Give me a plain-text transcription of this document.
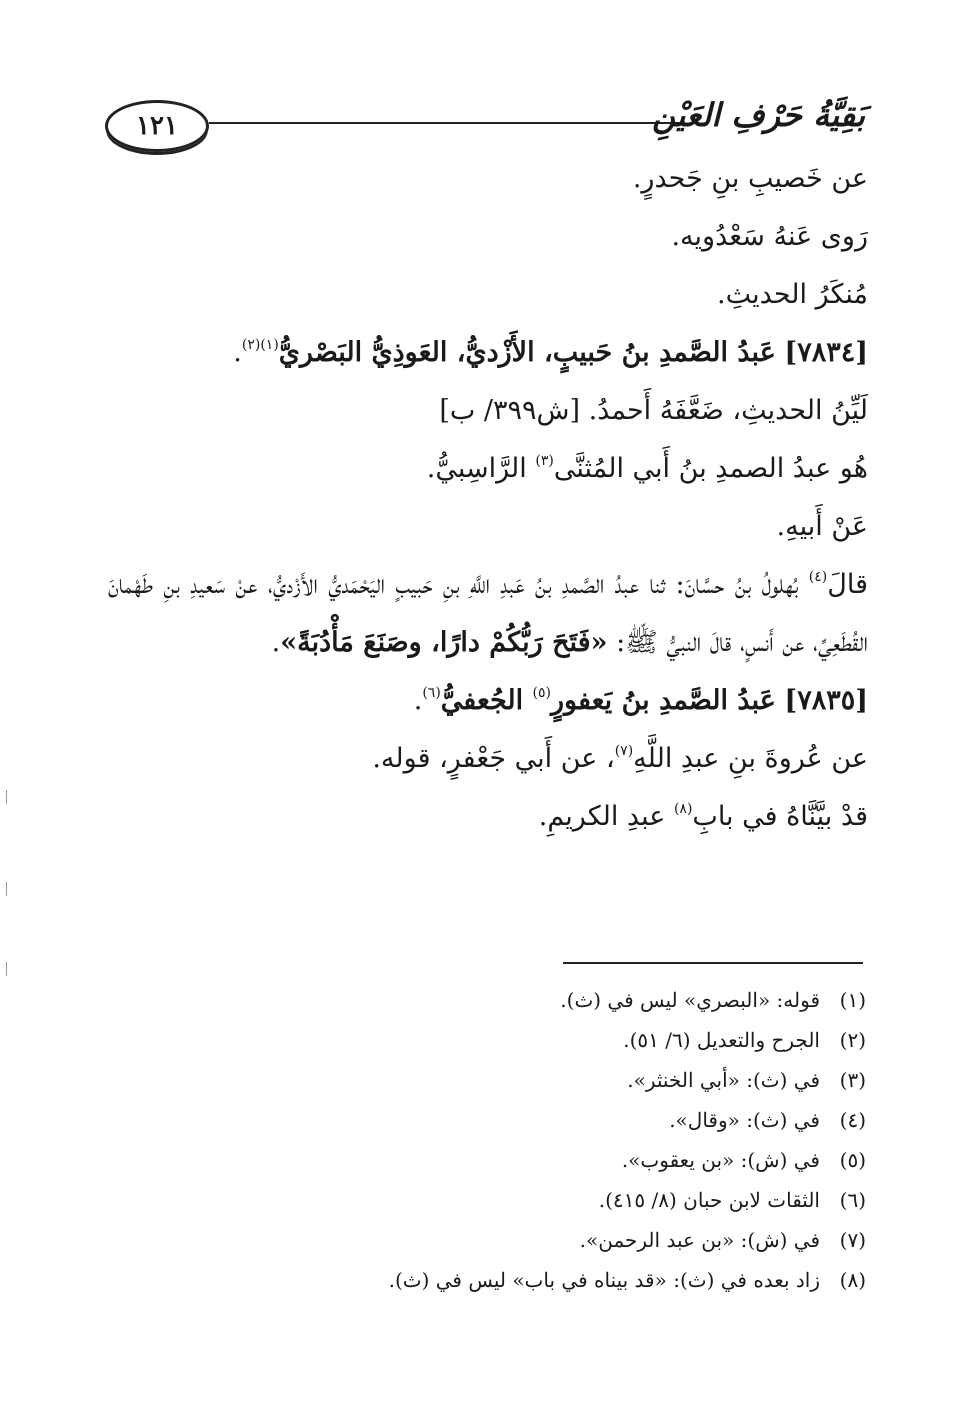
١٢١	بَقِيَّةُ حَرْفِ العَيْنِ
عن خَصيبِ بنِ جَحدرٍ.
رَوى عَنهُ سَعْدُويه.
مُنكَرُ الحديثِ.
[٧٨٣٤] عَبدُ الصَّمدِ بنُ حَبيبٍ، الأَزْديُّ، العَوذِيُّ البَصْريُّ$^{(١)(٢)}$.
لَيِّنُ الحديثِ، ضَعَّفَهُ أَحمدُ. [ش٣٩٩/ ب]
هُو عبدُ الصمدِ بنُ أَبي المُثنَّى$^{(٣)}$ الرَّاسِبيُّ.
عَنْ أَبيهِ.
قالَ$^{(٤)}$ بُهلولُ بنُ حسَّانَ: ثنا عبدُ الصَّمدِ بنُ عَبدِ اللَّهِ بنِ حَبيبٍ اليَحْمَديُّ الأَزْديُّ، عنْ سَعيدِ بنِ طَهْمانَ القُطَعِيِّ، عن أَنسٍ، قالَ النبيُّ ﷺ: «فَتَحَ رَبُّكُمْ دارًا، وصَنَعَ مَأْدُبَةً».
[٧٨٣٥] عَبدُ الصَّمدِ بنُ يَعفورٍ$^{(٥)}$ الجُعفيُّ$^{(٦)}$.
عن عُروةَ بنِ عبدِ اللَّهِ$^{(٧)}$، عن أَبي جَعْفرٍ، قوله.
قدْ بيَّنَّاهُ في بابِ$^{(٨)}$ عبدِ الكريمِ.
(١)قوله: «البصري» ليس في (ث).
(٢)الجرح والتعديل (٦/ ٥١).
(٣)في (ث): «أبي الخنثر».
(٤)في (ث): «وقال».
(٥)في (ش): «بن يعقوب».
(٦)الثقات لابن حبان (٨/ ٤١٥).
(٧)في (ش): «بن عبد الرحمن».
(٨)زاد بعده في (ث): «قد بيناه في باب» ليس في (ث).
